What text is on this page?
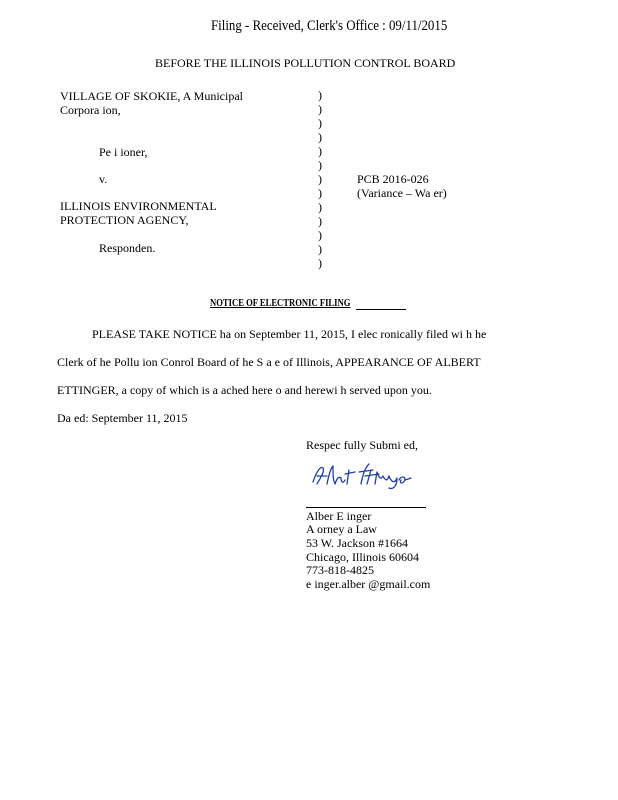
Filing - Received, Clerk's Office : 09/11/2015
BEFORE THE ILLINOIS POLLUTION CONTROL BOARD
VILLAGE OF SKOKIE, A Municipal
Corpora ion,
Pe i ioner,
v.
ILLINOIS ENVIRONMENTAL
PROTECTION AGENCY,
Responden.
)
)
)
)
)
)
)
)
)
)
)
)
)
PCB 2016-026
(Variance – Wa er)
NOTICE OF ELECTRONIC FILING
PLEASE TAKE NOTICE ha on September 11, 2015, I elec ronically filed wi h he
Clerk of he Pollu ion Conrol Board of he S a e of Illinois, APPEARANCE OF ALBERT
ETTINGER, a copy of which is a ached here o and herewi h served upon you.
Da ed: September 11, 2015
Respec fully Submi ed,
Alber E inger
A orney a Law
53 W. Jackson #1664
Chicago, Illinois 60604
773-818-4825
e inger.alber @gmail.com
